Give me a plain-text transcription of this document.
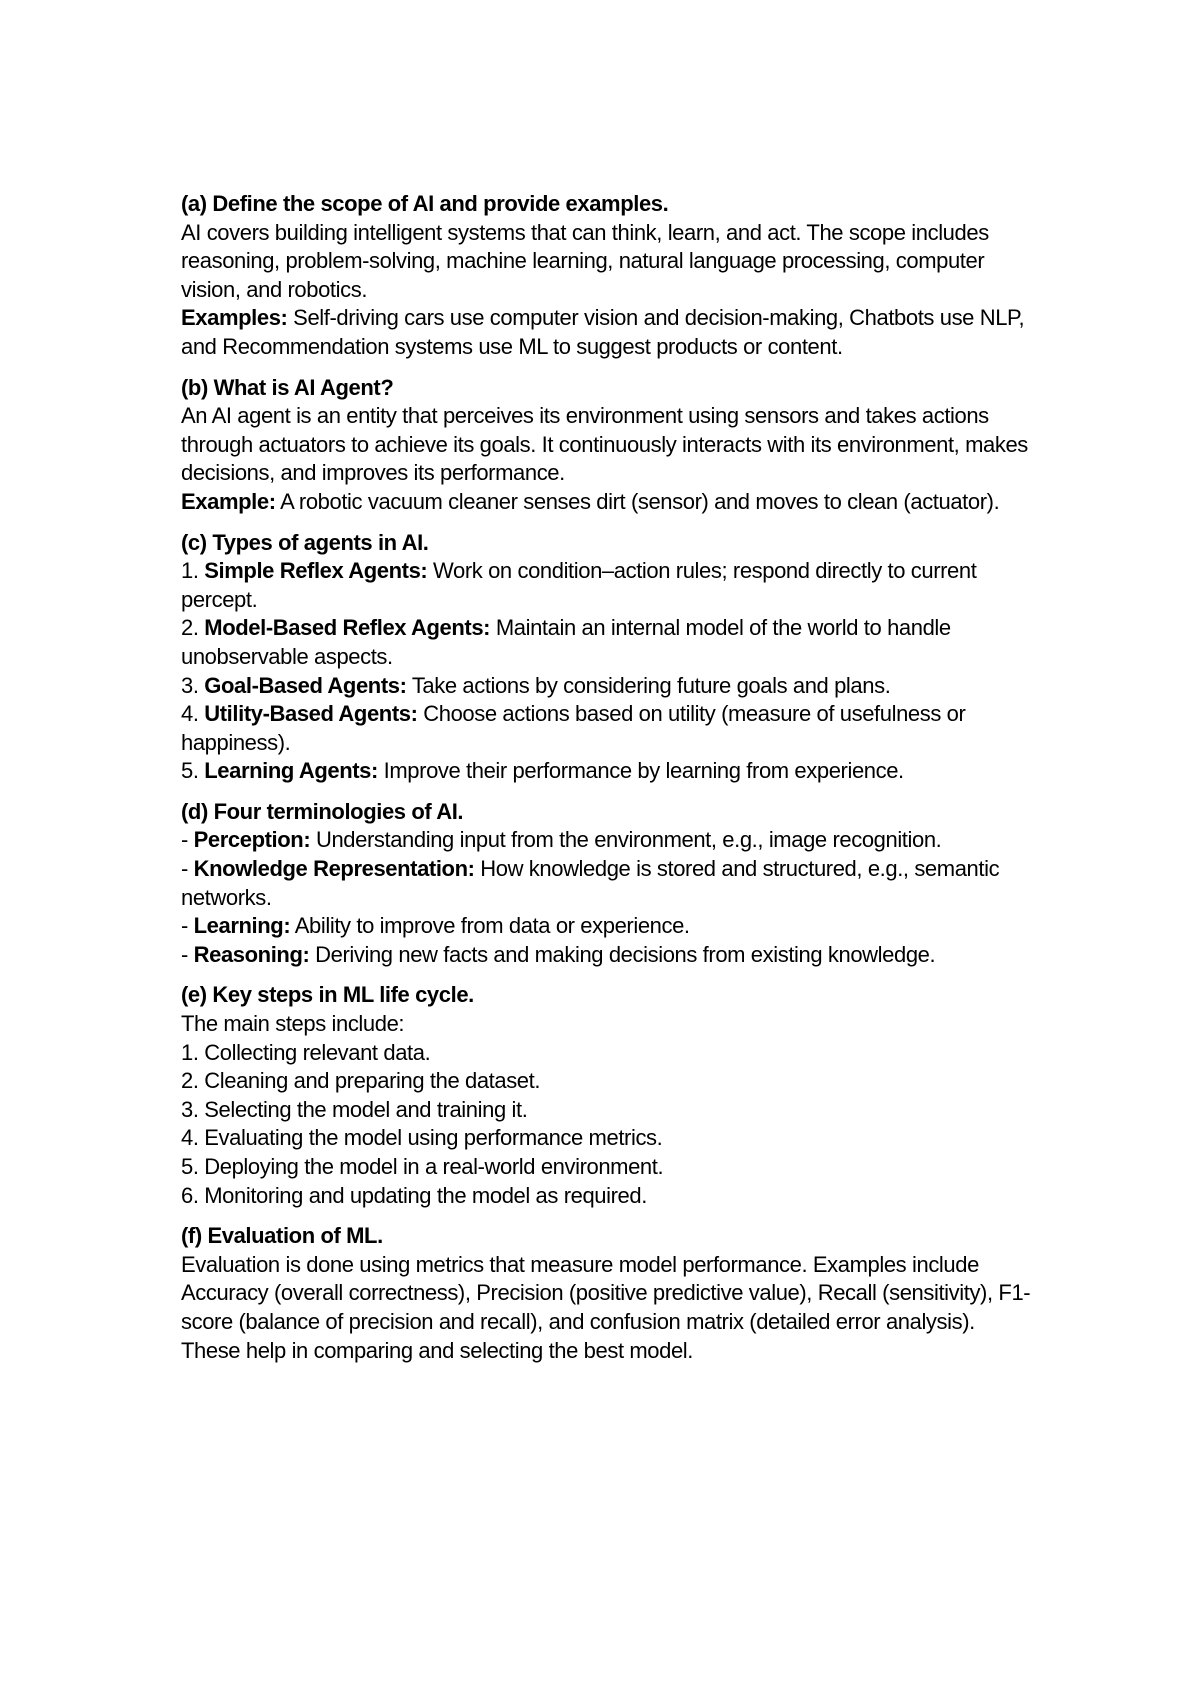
(a) Define the scope of AI and provide examples.
AI covers building intelligent systems that can think, learn, and act. The scope includes reasoning, problem-solving, machine learning, natural language processing, computer vision, and robotics.
Examples: Self-driving cars use computer vision and decision-making, Chatbots use NLP, and Recommendation systems use ML to suggest products or content.
(b) What is AI Agent?
An AI agent is an entity that perceives its environment using sensors and takes actions through actuators to achieve its goals. It continuously interacts with its environment, makes decisions, and improves its performance.
Example: A robotic vacuum cleaner senses dirt (sensor) and moves to clean (actuator).
(c) Types of agents in AI.
1. Simple Reflex Agents: Work on condition–action rules; respond directly to current percept.
2. Model-Based Reflex Agents: Maintain an internal model of the world to handle unobservable aspects.
3. Goal-Based Agents: Take actions by considering future goals and plans.
4. Utility-Based Agents: Choose actions based on utility (measure of usefulness or happiness).
5. Learning Agents: Improve their performance by learning from experience.
(d) Four terminologies of AI.
- Perception: Understanding input from the environment, e.g., image recognition.
- Knowledge Representation: How knowledge is stored and structured, e.g., semantic networks.
- Learning: Ability to improve from data or experience.
- Reasoning: Deriving new facts and making decisions from existing knowledge.
(e) Key steps in ML life cycle.
The main steps include:
1. Collecting relevant data.
2. Cleaning and preparing the dataset.
3. Selecting the model and training it.
4. Evaluating the model using performance metrics.
5. Deploying the model in a real-world environment.
6. Monitoring and updating the model as required.
(f) Evaluation of ML.
Evaluation is done using metrics that measure model performance. Examples include Accuracy (overall correctness), Precision (positive predictive value), Recall (sensitivity), F1-score (balance of precision and recall), and confusion matrix (detailed error analysis). These help in comparing and selecting the best model.
